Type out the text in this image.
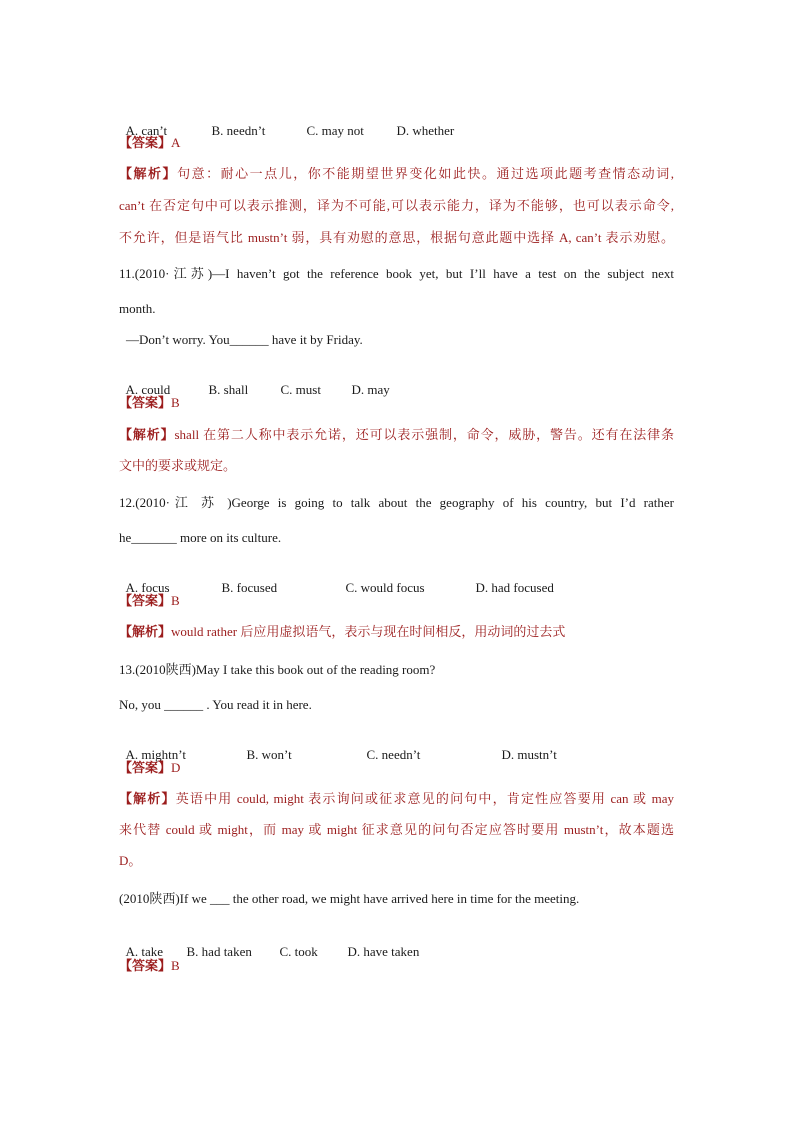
A. can’t	B. needn’t	C. may not	D. whether

【答案】A
【解析】句意：耐心一点儿，你不能期望世界变化如此快。通过选项此题考查情态动词,
can’t 在否定句中可以表示推测，译为不可能,可以表示能力，译为不能够，也可以表示命令,
不允许，但是语气比 mustn’t 弱，具有劝慰的意思，根据句意此题中选择 A, can’t 表示劝慰。
11.(2010·江苏)—I haven’t got the reference book yet, but I’ll have a test on the subject next
month.
—Don’t worry. You______ have it by Friday.

A. could	B. shall C. must D. may

【答案】B
【解析】shall 在第二人称中表示允诺，还可以表示强制，命令，威胁，警告。还有在法律条
文中的要求或规定。
12.(2010·江 苏 )George is going to talk about the geography of his country, but I’d rather
he_______ more on its culture.

A. focus	B. focused	C. would focus	D. had focused

【答案】B
【解析】would rather 后应用虚拟语气，表示与现在时间相反，用动词的过去式
13.(2010陕西)May I take this book out of the reading room?
No, you ______ . You read it in here.

A. mightn’t	B. won’t	C. needn’t	D. mustn’t

【答案】D
【解析】英语中用 could, might 表示询问或征求意见的问句中，肯定性应答要用 can 或 may
来代替 could 或 might，而 may 或 might 征求意见的问句否定应答时要用 mustn’t，故本题选
D。
(2010陕西)If we ___ the other road, we might have arrived here in time for the meeting.

A. take B. had taken C. took D. have taken

【答案】B
